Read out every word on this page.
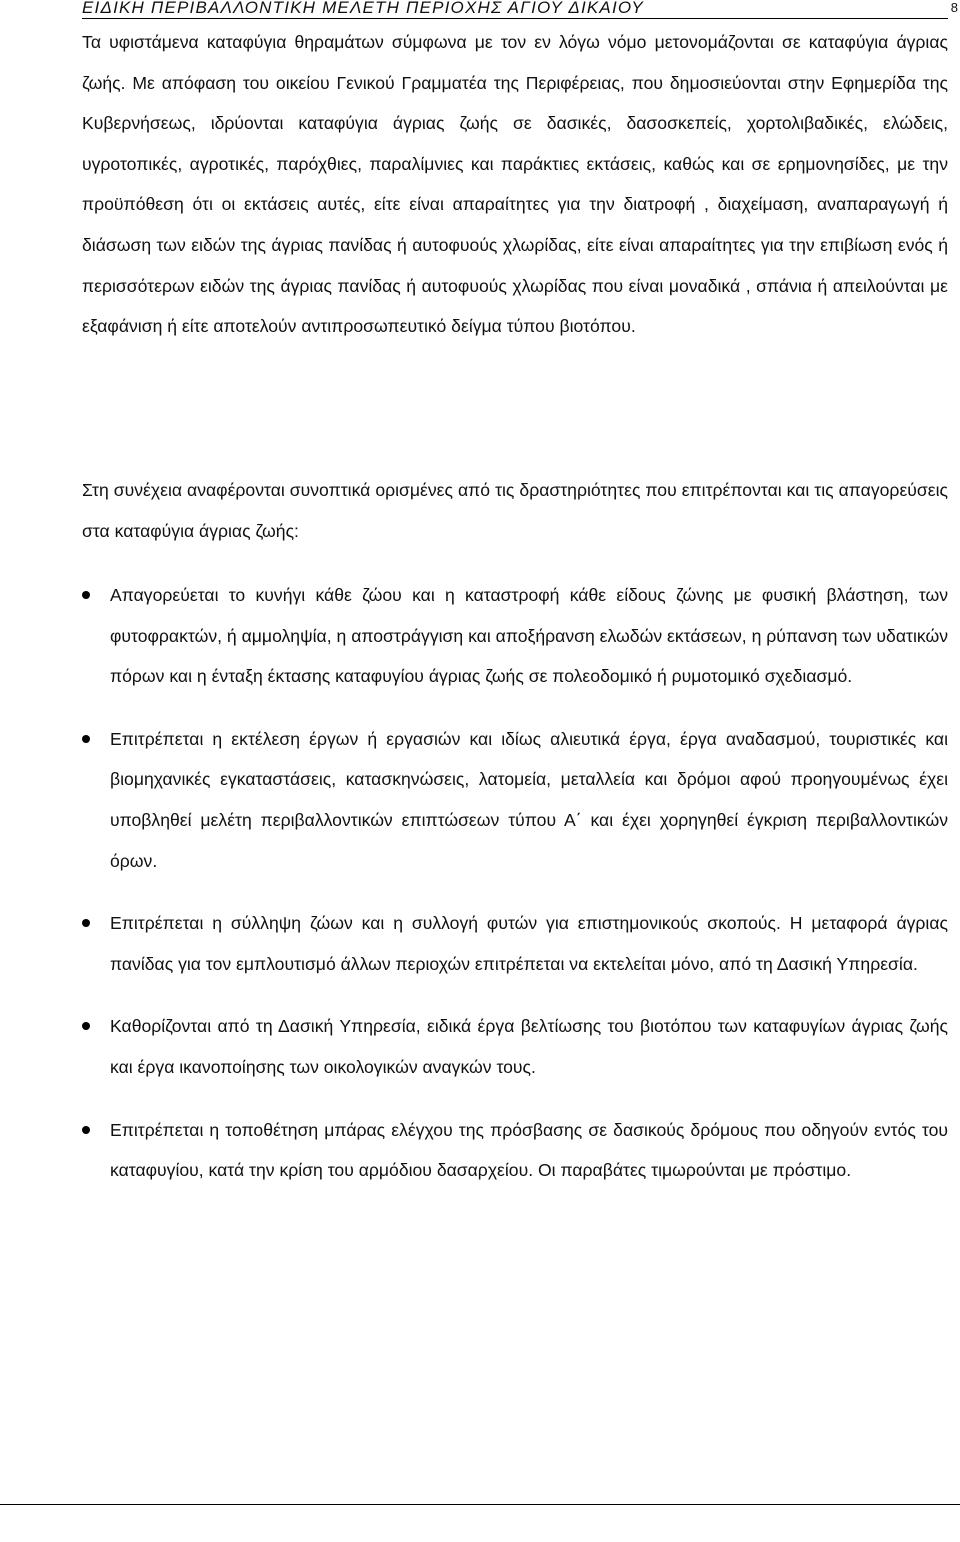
ΕΙΔΙΚΗ ΠΕΡΙΒΑΛΛΟΝΤΙΚΗ ΜΕΛΕΤΗ ΠΕΡΙΟΧΗΣ ΑΓΙΟΥ ΔΙΚΑΙΟΥ	8

Τα υφιστάμενα καταφύγια θηραμάτων σύμφωνα με τον εν λόγω νόμο μετονομάζονται σε καταφύγια άγριας ζωής. Με απόφαση του οικείου Γενικού Γραμματέα της Περιφέρειας, που δημοσιεύονται στην Εφημερίδα της Κυβερνήσεως, ιδρύονται καταφύγια άγριας ζωής σε δασικές, δασοσκεπείς, χορτολιβαδικές, ελώδεις, υγροτοπικές, αγροτικές, παρόχθιες, παραλίμνιες και παράκτιες εκτάσεις, καθώς και σε ερημονησίδες, με την προϋπόθεση ότι οι εκτάσεις αυτές, είτε είναι απαραίτητες για την διατροφή , διαχείμαση, αναπαραγωγή ή διάσωση των ειδών της άγριας πανίδας ή αυτοφυούς χλωρίδας, είτε είναι απαραίτητες για την επιβίωση ενός ή περισσότερων ειδών της άγριας πανίδας ή αυτοφυούς χλωρίδας που είναι μοναδικά , σπάνια ή απειλούνται με εξαφάνιση ή είτε αποτελούν αντιπροσωπευτικό δείγμα τύπου βιοτόπου.

Στη συνέχεια αναφέρονται συνοπτικά ορισμένες από τις δραστηριότητες που επιτρέπονται και τις απαγορεύσεις στα καταφύγια άγριας ζωής:

Απαγορεύεται το κυνήγι κάθε ζώου και η καταστροφή κάθε είδους ζώνης με φυσική βλάστηση, των φυτοφρακτών, ή αμμοληψία, η αποστράγγιση και αποξήρανση ελωδών εκτάσεων, η ρύπανση των υδατικών πόρων και η ένταξη έκτασης καταφυγίου άγριας ζωής σε πολεοδομικό ή ρυμοτομικό σχεδιασμό.
Επιτρέπεται η εκτέλεση έργων ή εργασιών και ιδίως αλιευτικά έργα, έργα αναδασμού, τουριστικές και βιομηχανικές εγκαταστάσεις, κατασκηνώσεις, λατομεία, μεταλλεία και δρόμοι αφού προηγουμένως έχει υποβληθεί μελέτη περιβαλλοντικών επιπτώσεων τύπου Α΄ και έχει χορηγηθεί έγκριση περιβαλλοντικών όρων.
Επιτρέπεται η σύλληψη ζώων και η συλλογή φυτών για επιστημονικούς σκοπούς. Η μεταφορά άγριας πανίδας για τον εμπλουτισμό άλλων περιοχών επιτρέπεται να εκτελείται μόνο, από τη Δασική Υπηρεσία.
Καθορίζονται από τη Δασική Υπηρεσία, ειδικά έργα βελτίωσης του βιοτόπου των καταφυγίων άγριας ζωής και έργα ικανοποίησης των οικολογικών αναγκών τους.
Επιτρέπεται η τοποθέτηση μπάρας ελέγχου της πρόσβασης σε δασικούς δρόμους που οδηγούν εντός του καταφυγίου, κατά την κρίση του αρμόδιου δασαρχείου. Οι παραβάτες τιμωρούνται με πρόστιμο.
